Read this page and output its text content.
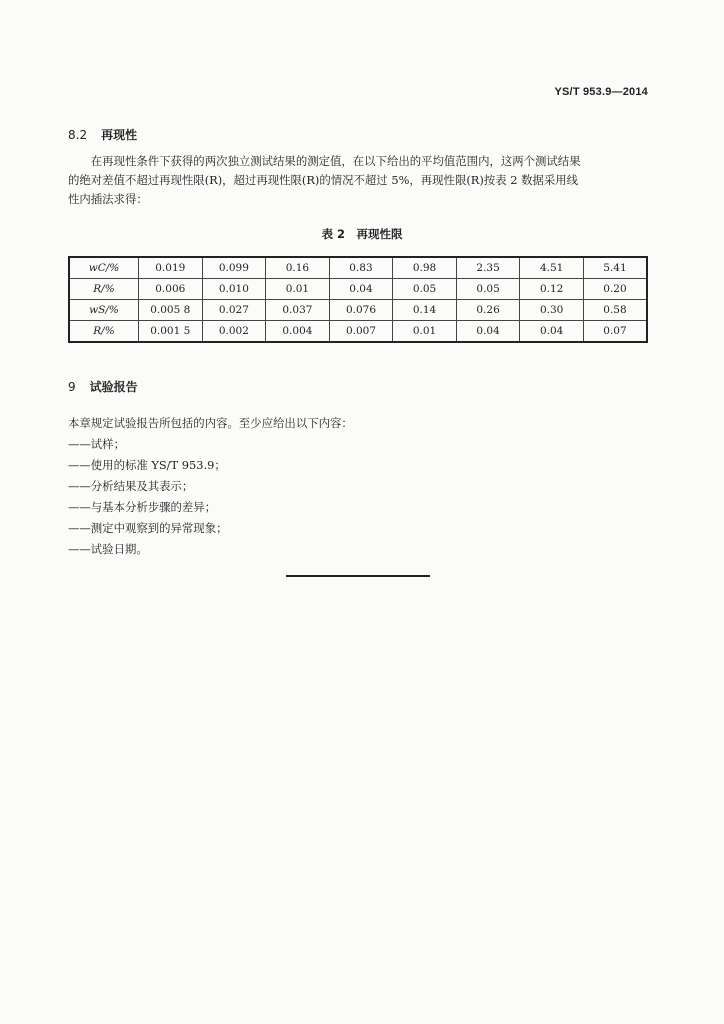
YS/T 953.9—2014
8.2 再现性
　　在再现性条件下获得的两次独立测试结果的测定值，在以下给出的平均值范围内，这两个测试结果
的绝对差值不超过再现性限(R)，超过再现性限(R)的情况不超过 5%，再现性限(R)按表 2 数据采用线
性内插法求得：
表 2　再现性限
wC/%	0.019	0.099	0.16	0.83	0.98	2.35	4.51	5.41
R/%	0.006	0.010	0.01	0.04	0.05	0.05	0.12	0.20
wS/%	0.005 8	0.027	0.037	0.076	0.14	0.26	0.30	0.58
R/%	0.001 5	0.002	0.004	0.007	0.01	0.04	0.04	0.07
9 试验报告
本章规定试验报告所包括的内容。至少应给出以下内容：
——试样；
——使用的标准 YS/T 953.9；
——分析结果及其表示；
——与基本分析步骤的差异；
——测定中观察到的异常现象；
——试验日期。
